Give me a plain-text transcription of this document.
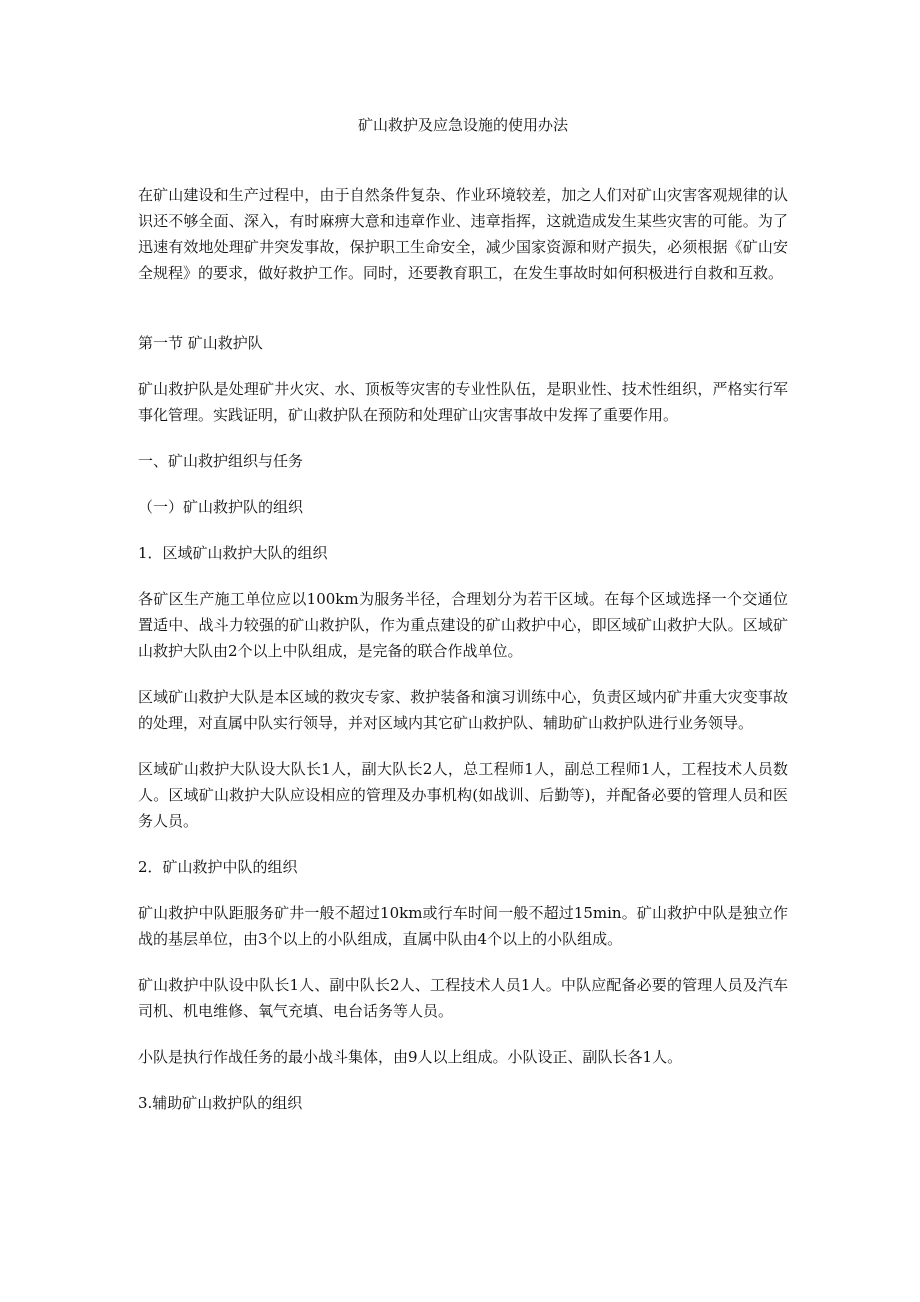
矿山救护及应急设施的使用办法

在矿山建设和生产过程中，由于自然条件复杂、作业环境较差，加之人们对矿山灾害客观规律的认识还不够全面、深入，有时麻痹大意和违章作业、违章指挥，这就造成发生某些灾害的可能。为了迅速有效地处理矿井突发事故，保护职工生命安全，减少国家资源和财产损失，必须根据《矿山安全规程》的要求，做好救护工作。同时，还要教育职工，在发生事故时如何积极进行自救和互救。

第一节 矿山救护队

矿山救护队是处理矿井火灾、水、顶板等灾害的专业性队伍，是职业性、技术性组织，严格实行军事化管理。实践证明，矿山救护队在预防和处理矿山灾害事故中发挥了重要作用。

一、矿山救护组织与任务
（一）矿山救护队的组织
1．区域矿山救护大队的组织

各矿区生产施工单位应以100km为服务半径，合理划分为若干区域。在每个区域选择一个交通位置适中、战斗力较强的矿山救护队，作为重点建设的矿山救护中心，即区域矿山救护大队。区域矿山救护大队由2个以上中队组成，是完备的联合作战单位。

区域矿山救护大队是本区域的救灾专家、救护装备和演习训练中心，负责区域内矿井重大灾变事故的处理，对直属中队实行领导，并对区域内其它矿山救护队、辅助矿山救护队进行业务领导。

区域矿山救护大队设大队长1人，副大队长2人，总工程师1人，副总工程师1人，工程技术人员数人。区域矿山救护大队应设相应的管理及办事机构(如战训、后勤等)，并配备必要的管理人员和医务人员。

2．矿山救护中队的组织

矿山救护中队距服务矿井一般不超过10km或行车时间一般不超过15min。矿山救护中队是独立作战的基层单位，由3个以上的小队组成，直属中队由4个以上的小队组成。

矿山救护中队设中队长1人、副中队长2人、工程技术人员1人。中队应配备必要的管理人员及汽车司机、机电维修、氧气充填、电台话务等人员。

小队是执行作战任务的最小战斗集体，由9人以上组成。小队设正、副队长各1人。

3.辅助矿山救护队的组织
